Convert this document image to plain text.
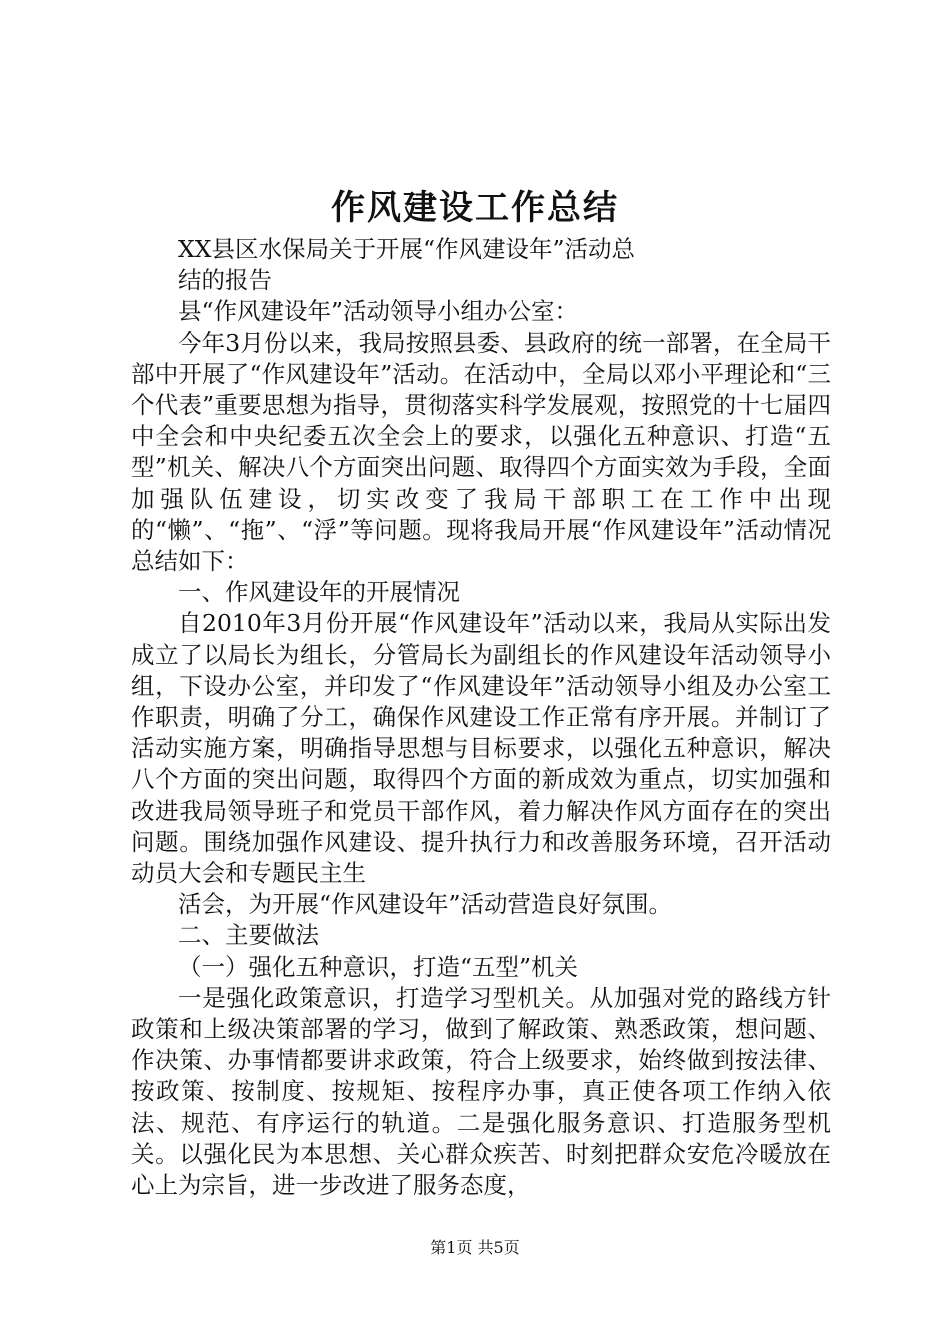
作风建设工作总结

XX县区水保局关于开展“作风建设年”活动总

结的报告

县“作风建设年”活动领导小组办公室：

今年3月份以来，我局按照县委、县政府的统一部署，在全局干部中开展了“作风建设年”活动。在活动中，全局以邓小平理论和“三个代表”重要思想为指导，贯彻落实科学发展观，按照党的十七届四中全会和中央纪委五次全会上的要求，以强化五种意识、打造“五型”机关、解决八个方面突出问题、取得四个方面实效为手段，全面加强队伍建设，切实改变了我局干部职工在工作中出现的“懒”、“拖”、“浮”等问题。现将我局开展“作风建设年”活动情况总结如下：

一、作风建设年的开展情况

自2010年3月份开展“作风建设年”活动以来，我局从实际出发成立了以局长为组长，分管局长为副组长的作风建设年活动领导小组，下设办公室，并印发了“作风建设年”活动领导小组及办公室工作职责，明确了分工，确保作风建设工作正常有序开展。并制订了活动实施方案，明确指导思想与目标要求，以强化五种意识，解决八个方面的突出问题，取得四个方面的新成效为重点，切实加强和改进我局领导班子和党员干部作风，着力解决作风方面存在的突出问题。围绕加强作风建设、提升执行力和改善服务环境，召开活动动员大会和专题民主生

活会，为开展“作风建设年”活动营造良好氛围。

二、主要做法

（一）强化五种意识，打造“五型”机关

一是强化政策意识，打造学习型机关。从加强对党的路线方针政策和上级决策部署的学习，做到了解政策、熟悉政策，想问题、作决策、办事情都要讲求政策，符合上级要求，始终做到按法律、按政策、按制度、按规矩、按程序办事，真正使各项工作纳入依法、规范、有序运行的轨道。二是强化服务意识、打造服务型机关。以强化民为本思想、关心群众疾苦、时刻把群众安危冷暖放在心上为宗旨，进一步改进了服务态度，

第1页 共5页
